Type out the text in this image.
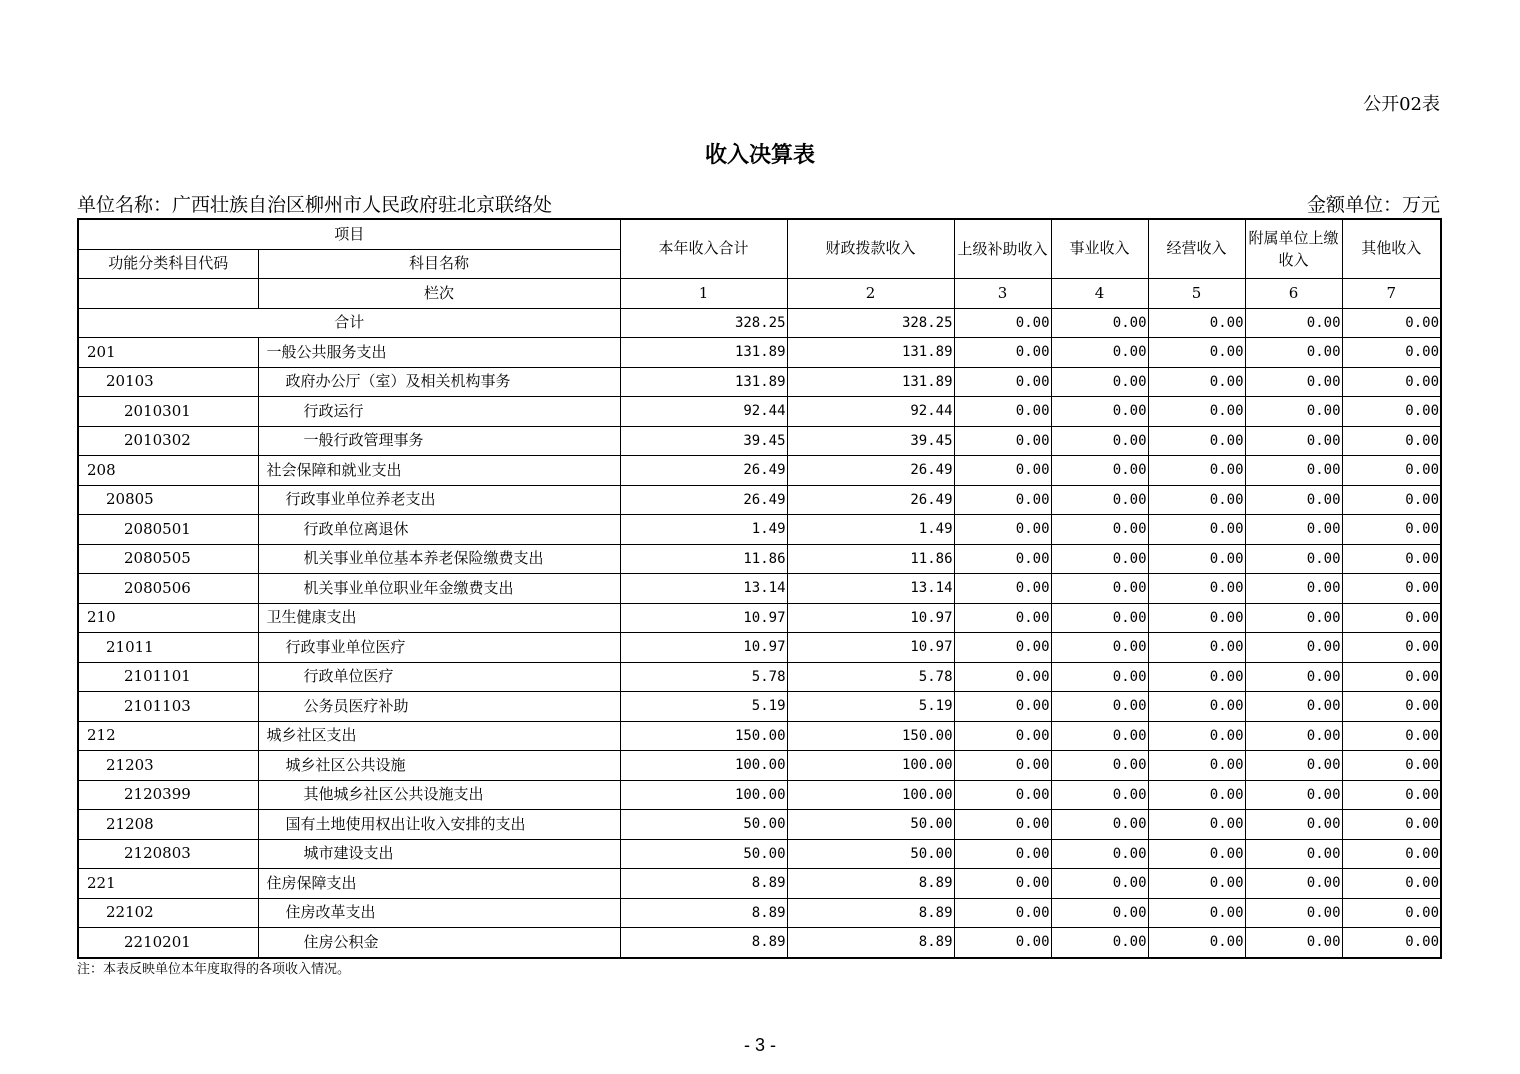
公开02表
收入决算表
单位名称：广西壮族自治区柳州市人民政府驻北京联络处	金额单位：万元
项目		本年收入合计	财政拨款收入	上级补助收入	事业收入	经营收入	附属单位上缴收入	其他收入
功能分类科目代码	科目名称							
	栏次	1	2	3	4	5	6	7
合计		328.25	328.25	0.00	0.00	0.00	0.00	0.00
201	一般公共服务支出	131.89	131.89	0.00	0.00	0.00	0.00	0.00
20103	政府办公厅（室）及相关机构事务	131.89	131.89	0.00	0.00	0.00	0.00	0.00
2010301	行政运行	92.44	92.44	0.00	0.00	0.00	0.00	0.00
2010302	一般行政管理事务	39.45	39.45	0.00	0.00	0.00	0.00	0.00
208	社会保障和就业支出	26.49	26.49	0.00	0.00	0.00	0.00	0.00
20805	行政事业单位养老支出	26.49	26.49	0.00	0.00	0.00	0.00	0.00
2080501	行政单位离退休	1.49	1.49	0.00	0.00	0.00	0.00	0.00
2080505	机关事业单位基本养老保险缴费支出	11.86	11.86	0.00	0.00	0.00	0.00	0.00
2080506	机关事业单位职业年金缴费支出	13.14	13.14	0.00	0.00	0.00	0.00	0.00
210	卫生健康支出	10.97	10.97	0.00	0.00	0.00	0.00	0.00
21011	行政事业单位医疗	10.97	10.97	0.00	0.00	0.00	0.00	0.00
2101101	行政单位医疗	5.78	5.78	0.00	0.00	0.00	0.00	0.00
2101103	公务员医疗补助	5.19	5.19	0.00	0.00	0.00	0.00	0.00
212	城乡社区支出	150.00	150.00	0.00	0.00	0.00	0.00	0.00
21203	城乡社区公共设施	100.00	100.00	0.00	0.00	0.00	0.00	0.00
2120399	其他城乡社区公共设施支出	100.00	100.00	0.00	0.00	0.00	0.00	0.00
21208	国有土地使用权出让收入安排的支出	50.00	50.00	0.00	0.00	0.00	0.00	0.00
2120803	城市建设支出	50.00	50.00	0.00	0.00	0.00	0.00	0.00
221	住房保障支出	8.89	8.89	0.00	0.00	0.00	0.00	0.00
22102	住房改革支出	8.89	8.89	0.00	0.00	0.00	0.00	0.00
2210201	住房公积金	8.89	8.89	0.00	0.00	0.00	0.00	0.00
注：本表反映单位本年度取得的各项收入情况。
- 3 -
